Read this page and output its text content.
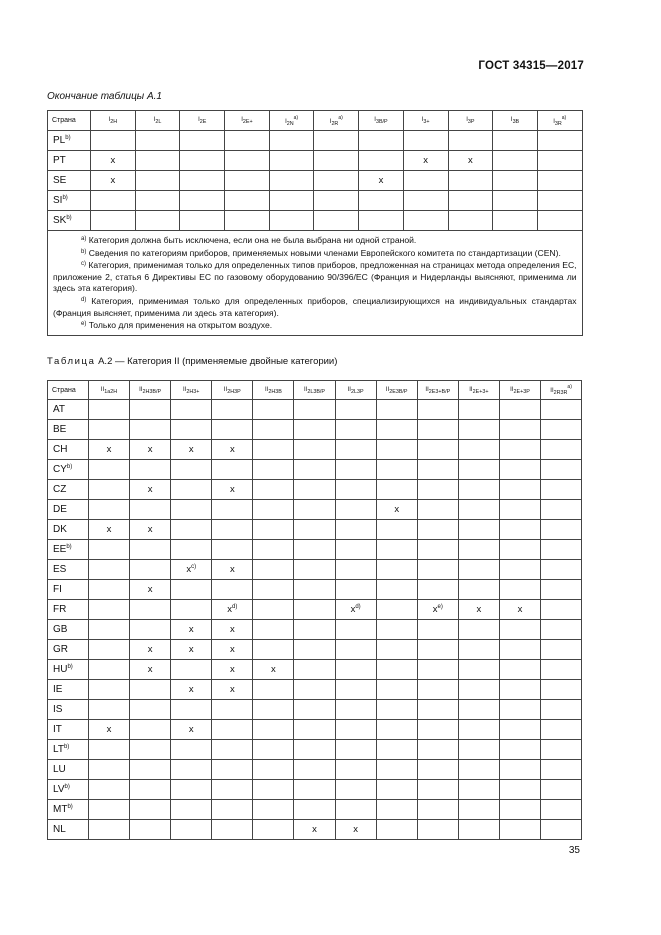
ГОСТ 34315—2017
Окончание таблицы А.1
Страна	$I_{2H}$	$I_{2L}$	$I_{2E}$	$I_{2E+}$	$I_{2N}^{a)}$	$I_{2R}^{a)}$	$I_{3B/P}$	$I_{3+}$	$I_{3P}$	$I_{3B}$	$I_{3R}^{a)}$
PL$^{b)}$											
PT	x							x	x		
SE	x						x				
SI$^{b)}$											
SK$^{b)}$											

$^{a)}$ Категория должна быть исключена, если она не была выбрана ни одной страной.
$^{b)}$ Сведения по категориям приборов, применяемых новыми членами Европейского комитета по стандартизации (CEN).
$^{c)}$ Категория, применимая только для определенных типов приборов, предложенная на страницах метода определения ЕС, приложение 2, статья 6 Директивы ЕС по газовому оборудованию 90/396/ЕС (Франция и Нидерланды выясняют, применима ли здесь эта категория).
$^{d)}$ Категория, применимая только для определенных приборов, специализирующихся на индивидуальных стандартах (Франция выясняет, применима ли здесь эта категория).
$^{e)}$ Только для применения на открытом воздухе.											
Таблица А.2 — Категория II (применяемые двойные категории)
Страна	$II_{1a2H}$	$II_{2H3B/P}$	$II_{2H3+}$	$II_{2H3P}$	$II_{2H3B}$	$II_{2L3B/P}$	$II_{2L3P}$	$II_{2E3B/P}$	$II_{2E3+B/P}$	$II_{2E+3+}$	$II_{2E+3P}$	$II_{2R3R}^{a)}$
AT												
BE												
CH	x	x	x	x								
CY$^{b)}$												
CZ		x		x								
DE								x				
DK	x	x										
EE$^{b)}$												
ES			$x^{c)}$	x								
FI		x										
FR				$x^{d)}$			$x^{d)}$		$x^{e)}$	x	x	
GB			x	x								
GR		x	x	x								
HU$^{b)}$		x		x	x							
IE			x	x								
IS												
IT	x		x									
LT$^{b)}$												
LU												
LV$^{b)}$												
MT$^{b)}$												
NL						x	x					
35
